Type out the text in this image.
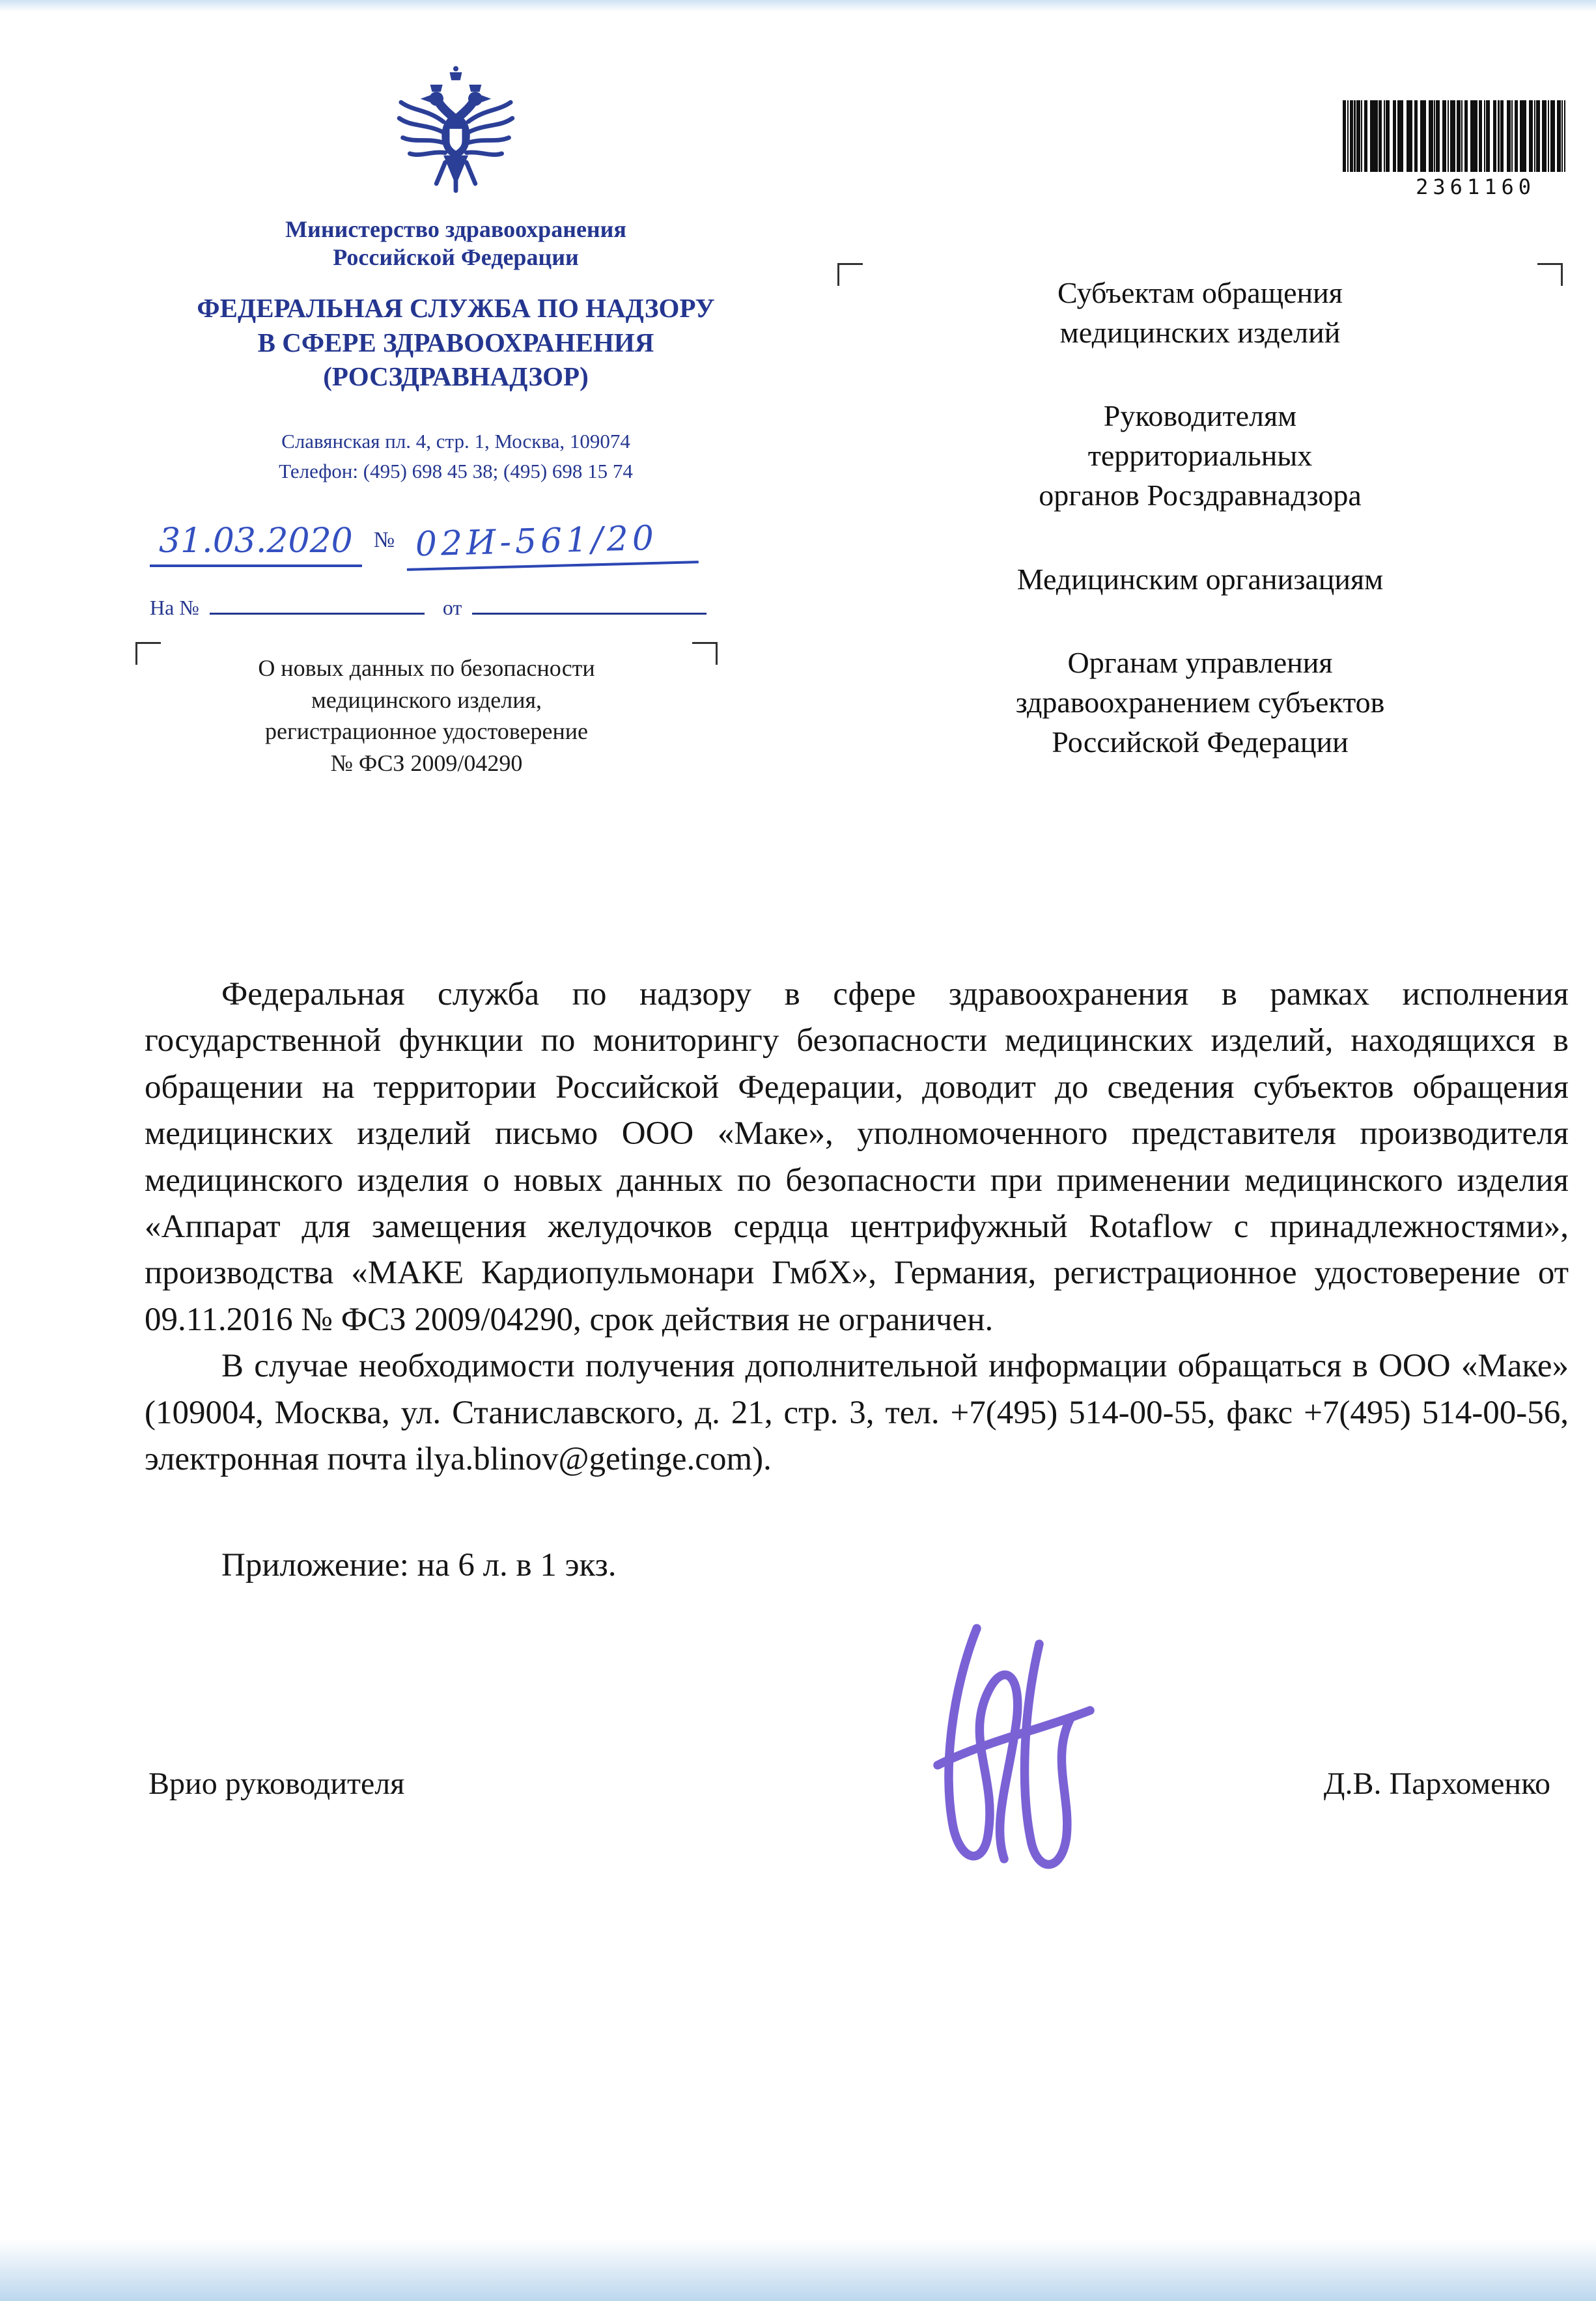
Министерство здравоохранения
Российской Федерации
ФЕДЕРАЛЬНАЯ СЛУЖБА ПО НАДЗОРУ
В СФЕРЕ ЗДРАВООХРАНЕНИЯ
(РОСЗДРАВНАДЗОР)
Славянская пл. 4, стр. 1, Москва, 109074
Телефон: (495) 698 45 38; (495) 698 15 74
31.03.2020 № 02И-561/20
На №	от
О новых данных по безопасности
медицинского изделия,
регистрационное удостоверение
№ ФСЗ 2009/04290
2361160
Субъектам обращения
медицинских изделий
Руководителям
территориальных
органов Росздравнадзора
Медицинским организациям
Органам управления
здравоохранением субъектов
Российской Федерации

Федеральная служба по надзору в сфере здравоохранения в рамках исполнения государственной функции по мониторингу безопасности медицинских изделий, находящихся в обращении на территории Российской Федерации, доводит до сведения субъектов обращения медицинских изделий письмо ООО «Маке», уполномоченного представителя производителя медицинского изделия о новых данных по безопасности при применении медицинского изделия «Аппарат для замещения желудочков сердца центрифужный Rotaflow с принадлежностями», производства «МАКЕ Кардиопульмонари ГмбХ», Германия, регистрационное удостоверение от 09.11.2016 № ФСЗ 2009/04290, срок действия не ограничен.

В случае необходимости получения дополнительной информации обращаться в ООО «Маке» (109004, Москва, ул. Станиславского, д. 21, стр. 3, тел. +7(495) 514-00-55, факс +7(495) 514-00-56, электронная почта ilya.blinov@getinge.com).

Приложение: на 6 л. в 1 экз.

Врио руководителя	Д.В. Пархоменко
